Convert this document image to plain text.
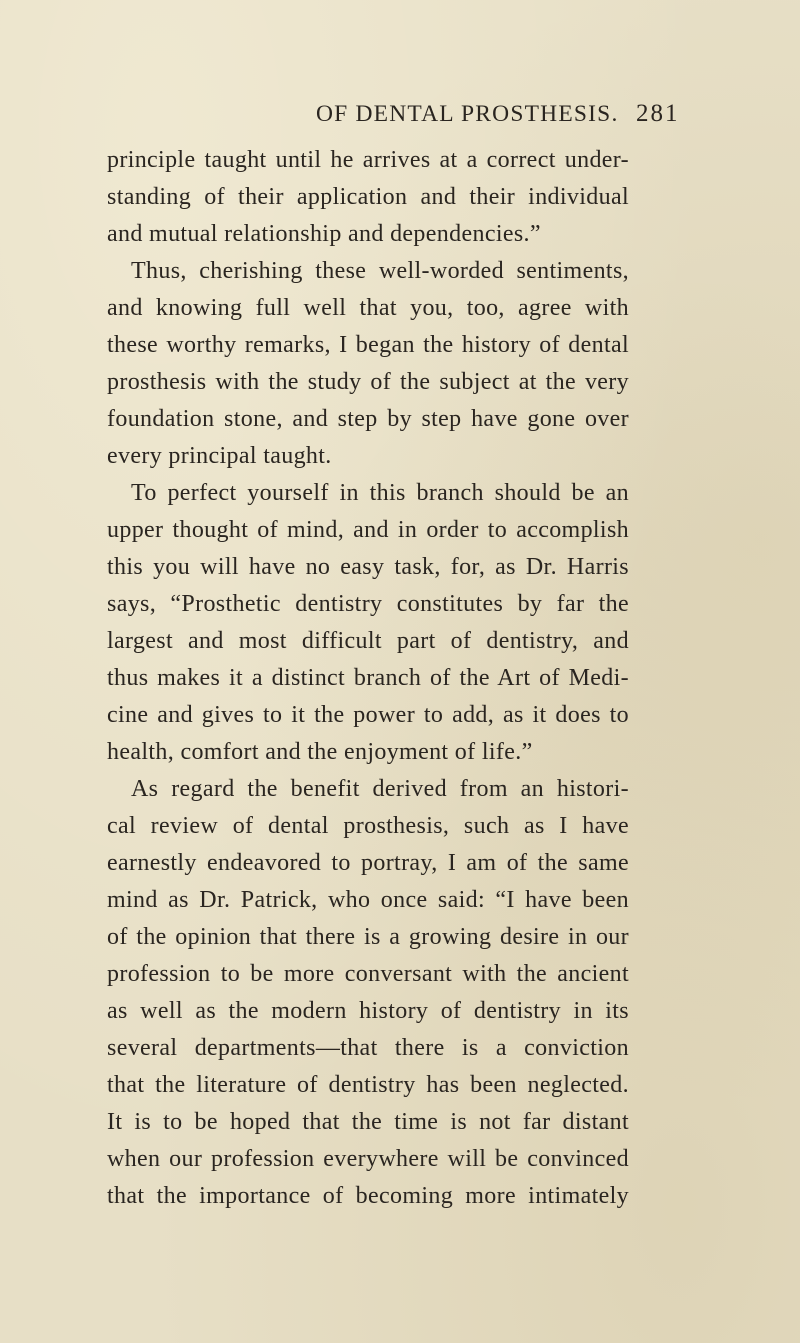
OF DENTAL PROSTHESIS. 281
principle taught until he arrives at a correct under-
standing of their application and their individual
and mutual relationship and dependencies.”
Thus, cherishing these well-worded sentiments,
and knowing full well that you, too, agree with
these worthy remarks, I began the history of dental
prosthesis with the study of the subject at the very
foundation stone, and step by step have gone over
every principal taught.
To perfect yourself in this branch should be an
upper thought of mind, and in order to accomplish
this you will have no easy task, for, as Dr. Harris
says, “Prosthetic dentistry constitutes by far the
largest and most difficult part of dentistry, and
thus makes it a distinct branch of the Art of Medi-
cine and gives to it the power to add, as it does to
health, comfort and the enjoyment of life.”
As regard the benefit derived from an histori-
cal review of dental prosthesis, such as I have
earnestly endeavored to portray, I am of the same
mind as Dr. Patrick, who once said: “I have been
of the opinion that there is a growing desire in our
profession to be more conversant with the ancient
as well as the modern history of dentistry in its
several departments—that there is a conviction
that the literature of dentistry has been neglected.
It is to be hoped that the time is not far distant
when our profession everywhere will be convinced
that the importance of becoming more intimately
